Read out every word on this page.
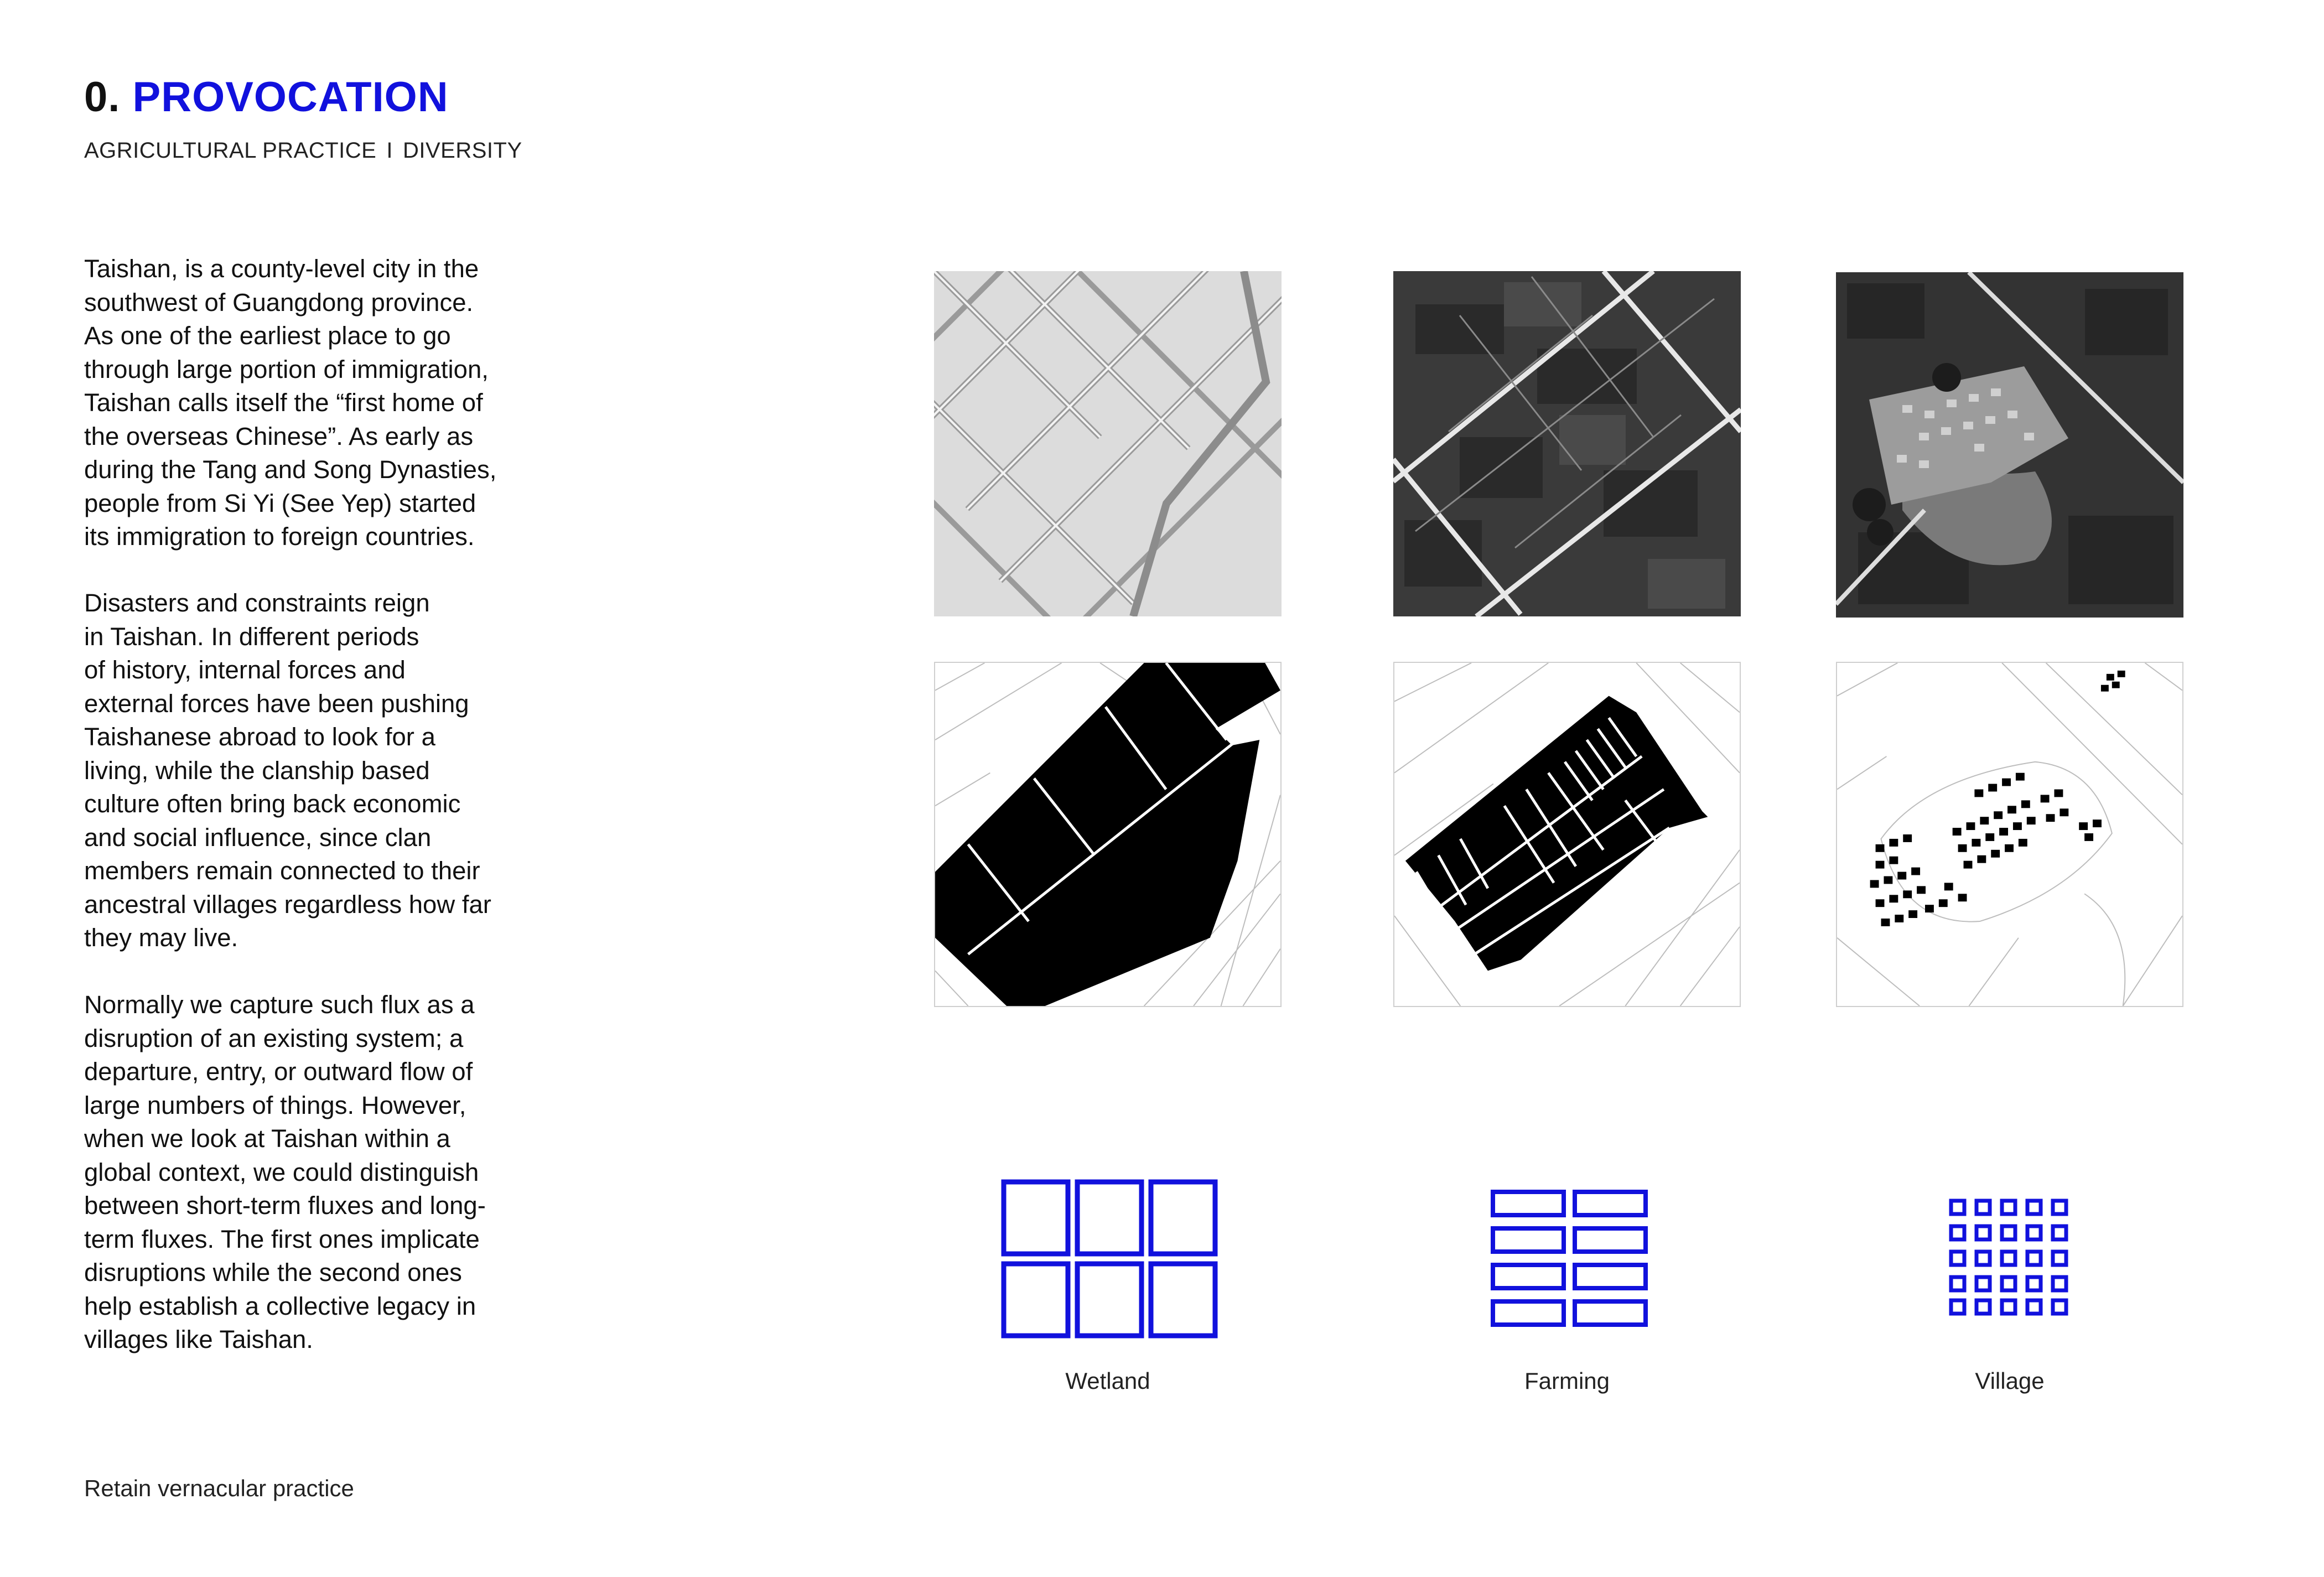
0. PROVOCATION
AGRICULTURAL PRACTICE I DIVERSITY
Taishan, is a county-level city in the
southwest of Guangdong province.
As one of the earliest place to go
through large portion of immigration,
Taishan calls itself the “first home of
the overseas Chinese”. As early as
during the Tang and Song Dynasties,
people from Si Yi (See Yep) started
its immigration to foreign countries.
Disasters and constraints reign
in Taishan. In different periods
of history, internal forces and
external forces have been pushing
Taishanese abroad to look for a
living, while the clanship based
culture often bring back economic
and social influence, since clan
members remain connected to their
ancestral villages regardless how far
they may live.
Normally we capture such flux as a
disruption of an existing system; a
departure, entry, or outward flow of
large numbers of things. However,
when we look at Taishan within a
global context, we could distinguish
between short-term fluxes and long-
term fluxes. The first ones implicate
disruptions while the second ones
help establish a collective legacy in
villages like Taishan.
Retain vernacular practice
Wetland	Farming	Village
